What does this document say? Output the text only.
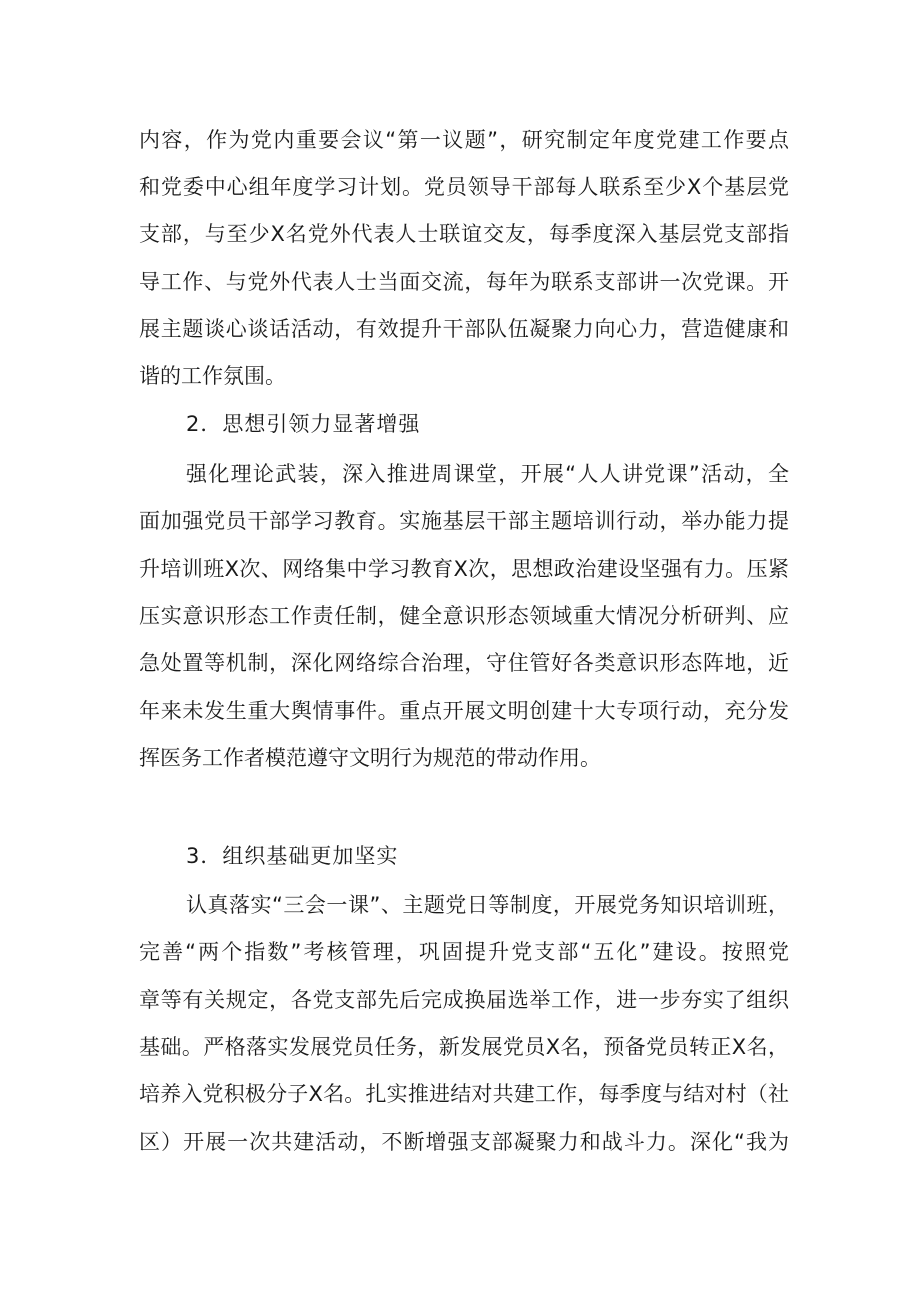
内容，作为党内重要会议“第一议题”，研究制定年度党建工作要点
和党委中心组年度学习计划。党员领导干部每人联系至少X个基层党
支部，与至少X名党外代表人士联谊交友，每季度深入基层党支部指
导工作、与党外代表人士当面交流，每年为联系支部讲一次党课。开
展主题谈心谈话活动，有效提升干部队伍凝聚力向心力，营造健康和
谐的工作氛围。
2．思想引领力显著增强
强化理论武装，深入推进周课堂，开展“人人讲党课”活动，全
面加强党员干部学习教育。实施基层干部主题培训行动，举办能力提
升培训班X次、网络集中学习教育X次，思想政治建设坚强有力。压紧
压实意识形态工作责任制，健全意识形态领域重大情况分析研判、应
急处置等机制，深化网络综合治理，守住管好各类意识形态阵地，近
年来未发生重大舆情事件。重点开展文明创建十大专项行动，充分发
挥医务工作者模范遵守文明行为规范的带动作用。
3．组织基础更加坚实
认真落实“三会一课”、主题党日等制度，开展党务知识培训班，
完善“两个指数”考核管理，巩固提升党支部“五化”建设。按照党
章等有关规定，各党支部先后完成换届选举工作，进一步夯实了组织
基础。严格落实发展党员任务，新发展党员X名，预备党员转正X名，
培养入党积极分子X名。扎实推进结对共建工作，每季度与结对村（社
区）开展一次共建活动，不断增强支部凝聚力和战斗力。深化“我为
